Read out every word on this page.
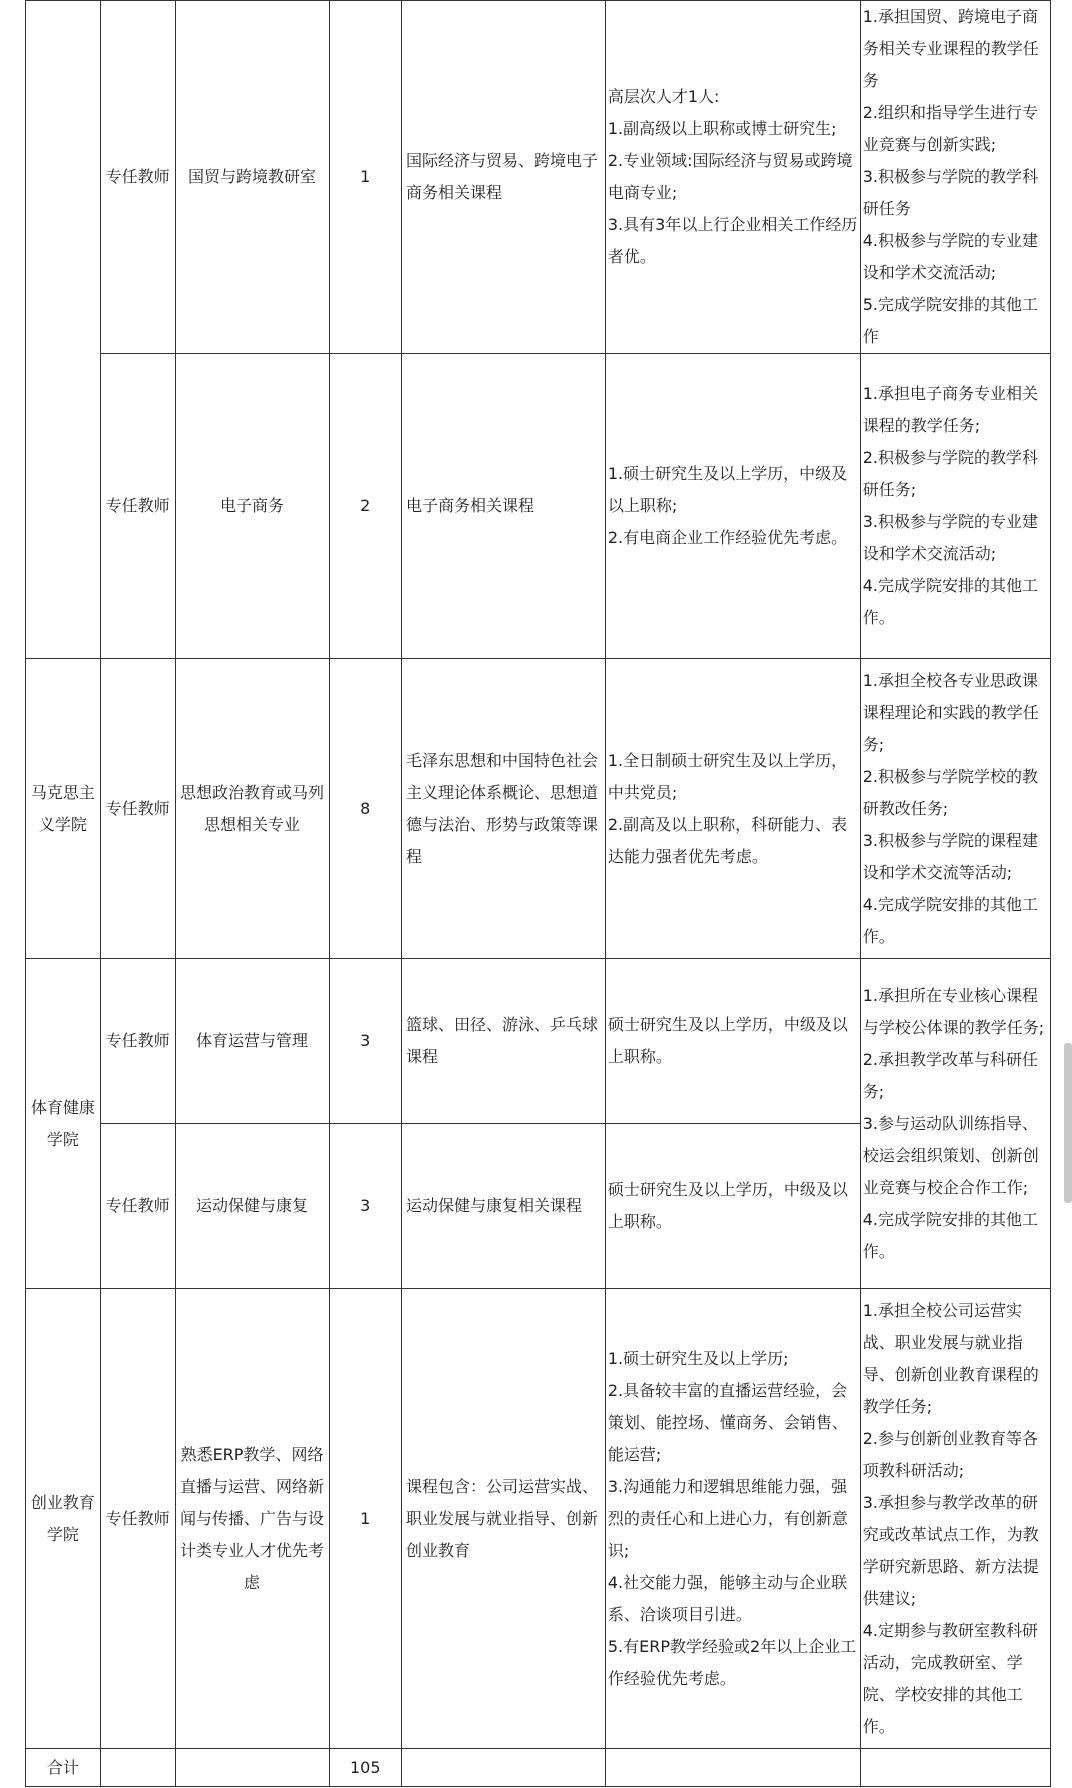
	专任教师	国贸与跨境教研室	1	国际经济与贸易、跨境电子商务相关课程	高层次人才1人:
1.副高级以上职称或博士研究生;
2.专业领域:国际经济与贸易或跨境电商专业;
3.具有3年以上行企业相关工作经历者优。	1.承担国贸、跨境电子商务相关专业课程的教学任务
2.组织和指导学生进行专业竞赛与创新实践;
3.积极参与学院的教学科研任务
4.积极参与学院的专业建设和学术交流活动;
5.完成学院安排的其他工作

	专任教师	电子商务	2	电子商务相关课程	1.硕士研究生及以上学历，中级及以上职称;
2.有电商企业工作经验优先考虑。	1.承担电子商务专业相关课程的教学任务;
2.积极参与学院的教学科研任务;
3.积极参与学院的专业建设和学术交流活动;
4.完成学院安排的其他工作。

马克思主义学院	专任教师	思想政治教育或马列思想相关专业	8	毛泽东思想和中国特色社会主义理论体系概论、思想道德与法治、形势与政策等课程	1.全日制硕士研究生及以上学历，中共党员;
2.副高及以上职称，科研能力、表达能力强者优先考虑。	1.承担全校各专业思政课课程理论和实践的教学任务;
2.积极参与学院学校的教研教改任务;
3.积极参与学院的课程建设和学术交流等活动;
4.完成学院安排的其他工作。

体育健康学院	专任教师	体育运营与管理	3	篮球、田径、游泳、乒乓球课程	硕士研究生及以上学历，中级及以上职称。	1.承担所在专业核心课程与学校公体课的教学任务;
2.承担教学改革与科研任务;
3.参与运动队训练指导、校运会组织策划、创新创业竞赛与校企合作工作;
4.完成学院安排的其他工作。

	专任教师	运动保健与康复	3	运动保健与康复相关课程	硕士研究生及以上学历，中级及以上职称。	

创业教育学院	专任教师	熟悉ERP教学、网络直播与运营、网络新闻与传播、广告与设计类专业人才优先考虑	1	课程包含：公司运营实战、职业发展与就业指导、创新创业教育	1.硕士研究生及以上学历;
2.具备较丰富的直播运营经验，会策划、能控场、懂商务、会销售、能运营;
3.沟通能力和逻辑思维能力强，强烈的责任心和上进心力，有创新意识;
4.社交能力强，能够主动与企业联系、洽谈项目引进。
5.有ERP教学经验或2年以上企业工作经验优先考虑。	1.承担全校公司运营实战、职业发展与就业指导、创新创业教育课程的教学任务;
2.参与创新创业教育等各项教科研活动;
3.承担参与教学改革的研究或改革试点工作，为教学研究新思路、新方法提供建议;
4.定期参与教研室教科研活动，完成教研室、学院、学校安排的其他工作。

合计			105			
